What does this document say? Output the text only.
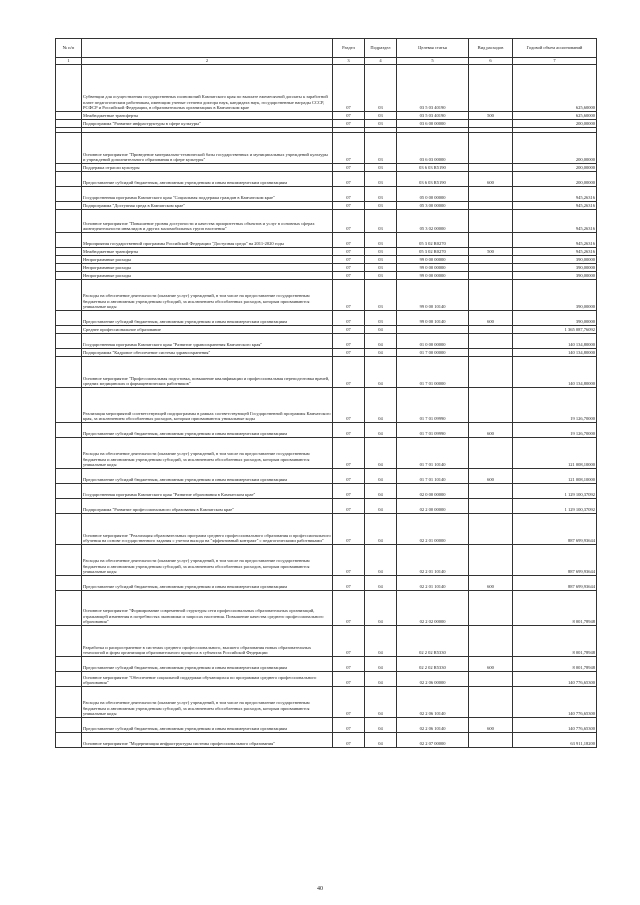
№ п/п		Раздел	Подраздел	Целевая статья	Вид расходов	Годовой объем ассигнований
1	2	3	4	5	6	7
	Субвенции для осуществления государственных полномочий Камчатского края по выплате ежемесячной доплаты к заработной плате педагогическим работникам, имеющим ученые степени доктора наук, кандидата наук, государственные награды СССР, РСФСР и Российской Федерации, в образовательных организациях в Камчатском крае	07	03	03 5 03 40190		625,60000
	Межбюджетные трансферты	07	03	03 5 03 40190	500	625,60000
	Подпрограмма "Развитие инфраструктуры в сфере культуры"	07	03	03 6 00 00000		200,00000

	Основное мероприятие "Приведение материально-технической базы государственных и муниципальных учреждений культуры и учреждений дополнительного образования в сфере культуры"	07	03	03 6 03 00000		200,00000
	Поддержка отрасли культуры	07	03	03 6 03 R5190		200,00000
	Предоставление субсидий бюджетным, автономным учреждениям и иным некоммерческим организациям	07	03	03 6 03 R5190	600	200,00000
	Государственная программа Камчатского края "Социальная поддержка граждан в Камчатском крае"	07	03	05 0 00 00000		945,26316
	Подпрограмма "Доступная среда в Камчатском крае"	07	03	05 3 00 00000		945,26316
	Основное мероприятие "Повышение уровня доступности и качества приоритетных объектов и услуг в основных сферах жизнедеятельности инвалидов и других маломобильных групп населения"	07	03	05 3 02 00000		945,26316
	Мероприятия государственной программы Российской Федерации "Доступная среда" на 2011-2020 годы	07	03	05 3 02 R0270		945,26316
	Межбюджетные трансферты	07	03	05 3 02 R0270	500	945,26316
	Непрограммные расходы	07	03	99 0 00 00000		390,00000
	Непрограммные расходы	07	03	99 0 00 00000		390,00000
	Непрограммные расходы	07	03	99 0 00 00000		390,00000
	Расходы на обеспечение деятельности (оказание услуг) учреждений, в том числе на предоставление государственным бюджетным и автономным учреждениям субсидий, за исключением обособленных расходов, которым присваиваются уникальные коды	07	03	99 0 00 10140		390,00000
	Предоставление субсидий бюджетным, автономным учреждениям и иным некоммерческим организациям	07	03	99 0 00 10140	600	390,00000
	Среднее профессиональное образование	07	04			1 365 087,76092
	Государственная программа Камчатского края "Развитие здравоохранения Камчатского края"	07	04	01 0 00 00000		140 134,80000
	Подпрограмма "Кадровое обеспечение системы здравоохранения"	07	04	01 7 00 00000		140 134,80000
	Основное мероприятие "Профессиональная подготовка, повышение квалификации и профессиональная переподготовка врачей, средних медицинских и фармацевтических работников"	07	04	01 7 01 00000		140 134,80000
	Реализация мероприятий соответствующей подпрограммы в рамках соответствующей Государственной программы Камчатского края, за исключением обособленных расходов, которым присваиваются уникальные коды	07	04	01 7 01 09990		19 126,70000
	Предоставление субсидий бюджетным, автономным учреждениям и иным некоммерческим организациям	07	04	01 7 01 09990	600	19 126,70000
	Расходы на обеспечение деятельности (оказание услуг) учреждений, в том числе на предоставление государственным бюджетным и автономным учреждениям субсидий, за исключением обособленных расходов, которым присваиваются уникальные коды	07	04	01 7 01 10140		121 008,10000
	Предоставление субсидий бюджетным, автономным учреждениям и иным некоммерческим организациям	07	04	01 7 01 10140	600	121 008,10000
	Государственная программа Камчатского края "Развитие образования в Камчатском крае"	07	04	02 0 00 00000		1 129 100,37092
	Подпрограмма "Развитие профессионального образования в Камчатском крае"	07	04	02 2 00 00000		1 129 100,37092
	Основное мероприятие "Реализация образовательных программ среднего профессионального образования и профессионального обучения на основе государственного задания с учетом выхода на "эффективный контракт" с педагогическими работниками"	07	04	02 2 01 00000		887 699,93644
	Расходы на обеспечение деятельности (оказание услуг) учреждений, в том числе на предоставление государственным бюджетным и автономным учреждениям субсидий, за исключением обособленных расходов, которым присваиваются уникальные коды	07	04	02 2 01 10140		887 699,93644
	Предоставление субсидий бюджетным, автономным учреждениям и иным некоммерческим организациям	07	04	02 2 01 10140	600	887 699,93644
	Основное мероприятие "Формирование современной структуры сети профессиональных образовательных организаций, отражающей изменения в потребностях экономики и запросах населения. Повышение качества среднего профессионального образования"	07	04	02 2 02 00000		8 001,78948
	Разработка и распространение в системах среднего профессионального, высшего образования новых образовательных технологий и форм организации образовательного процесса в субъектах Российской Федерации	07	04	02 2 02 R5330		8 001,78948
	Предоставление субсидий бюджетным, автономным учреждениям и иным некоммерческим организациям	07	04	02 2 02 R5330	600	8 001,78948
	Основное мероприятие "Обеспечение социальной поддержки обучающихся по программам среднего профессионального образования"	07	04	02 2 06 00000		140 776,65300
	Расходы на обеспечение деятельности (оказание услуг) учреждений, в том числе на предоставление государственным бюджетным и автономным учреждениям субсидий, за исключением обособленных расходов, которым присваиваются уникальные коды	07	04	02 2 06 10140		140 776,65300
	Предоставление субсидий бюджетным, автономным учреждениям и иным некоммерческим организациям	07	04	02 2 06 10140	600	140 776,65300
	Основное мероприятие "Модернизация инфраструктуры системы профессионального образования"	07	04	02 2 07 00000		63 911,18200
40
